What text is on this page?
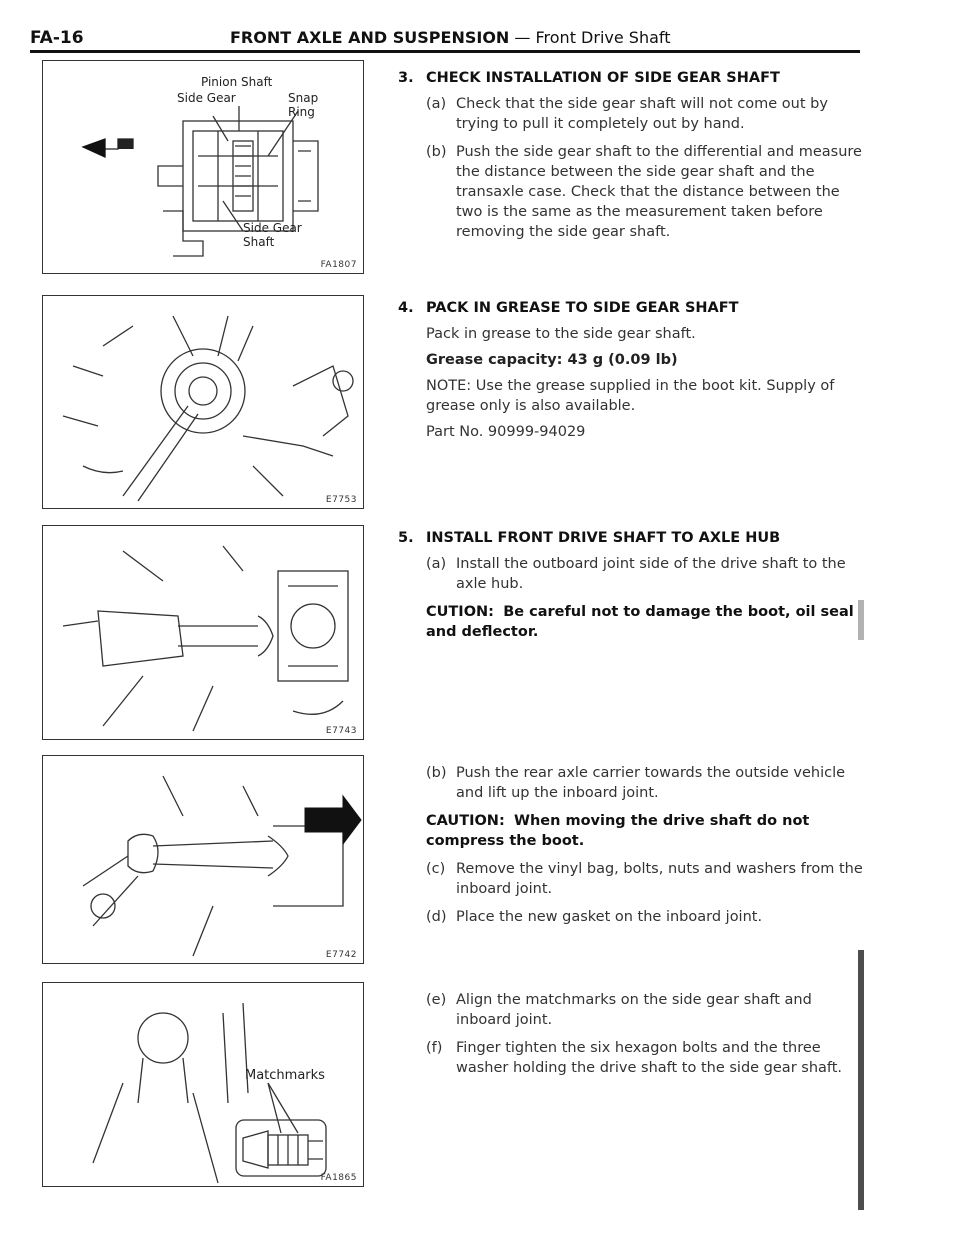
FA-16	FRONT AXLE AND SUSPENSION — Front Drive Shaft
Pinion Shaft
Side Gear	Snap
Ring
Side Gear
Shaft
FA1807
E7753
E7743
E7742
Matchmarks
FA1865
3. CHECK INSTALLATION OF SIDE GEAR SHAFT
(a) Check that the side gear shaft will not come out by trying to pull it completely out by hand.
(b) Push the side gear shaft to the differential and measure the distance between the side gear shaft and the transaxle case. Check that the distance between the two is the same as the measurement taken before removing the side gear shaft.
4. PACK IN GREASE TO SIDE GEAR SHAFT
Pack in grease to the side gear shaft.
Grease capacity: 43 g (0.09 lb)
NOTE: Use the grease supplied in the boot kit. Supply of grease only is also available.
Part No. 90999-94029
5. INSTALL FRONT DRIVE SHAFT TO AXLE HUB
(a) Install the outboard joint side of the drive shaft to the axle hub.
CUTION: Be careful not to damage the boot, oil seal and deflector.
(b) Push the rear axle carrier towards the outside vehicle and lift up the inboard joint.
CAUTION: When moving the drive shaft do not compress the boot.
(c) Remove the vinyl bag, bolts, nuts and washers from the inboard joint.
(d) Place the new gasket on the inboard joint.
(e) Align the matchmarks on the side gear shaft and inboard joint.
(f) Finger tighten the six hexagon bolts and the three washer holding the drive shaft to the side gear shaft.
